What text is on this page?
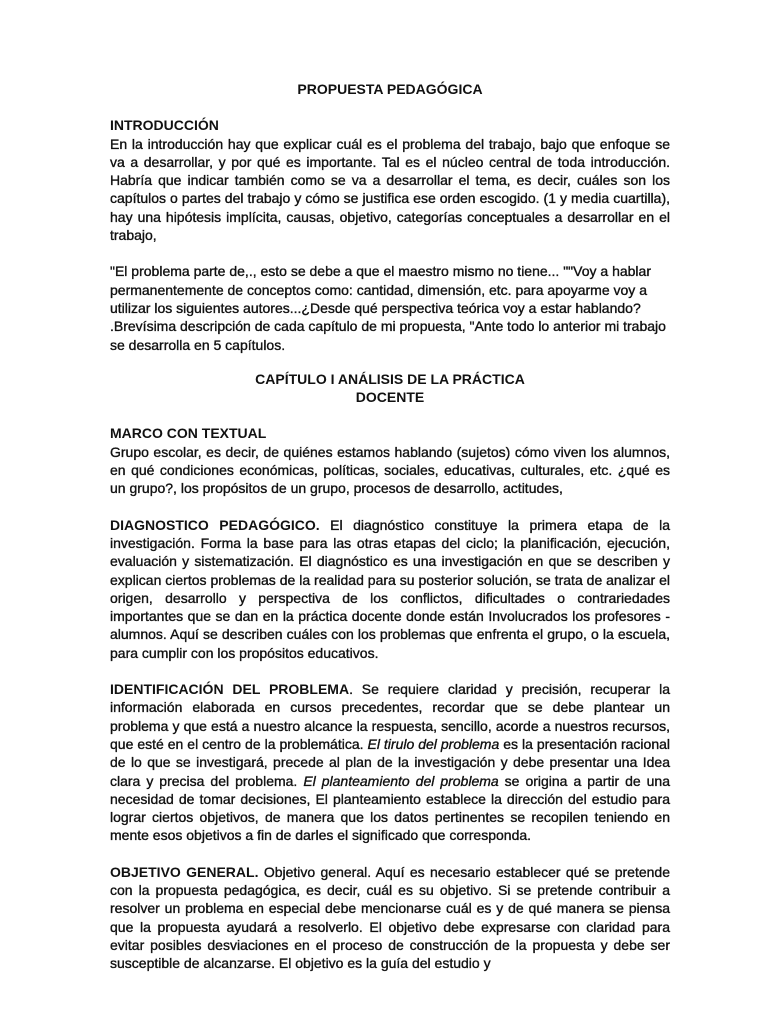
PROPUESTA PEDAGÓGICA

INTRODUCCIÓN

En la introducción hay que explicar cuál es el problema del trabajo, bajo que enfoque se va a desarrollar, y por qué es importante. Tal es el núcleo central de toda introducción. Habría que indicar también como se va a desarrollar el tema, es decir, cuáles son los capítulos o partes del trabajo y cómo se justifica ese orden escogido. (1 y media cuartilla), hay una hipótesis implícita, causas, objetivo, categorías conceptuales a desarrollar en el trabajo,

"El problema parte de,., esto se debe a que el maestro mismo no tiene... ""Voy a hablar permanentemente de conceptos como: cantidad, dimensión, etc. para apoyarme voy a utilizar los siguientes autores...¿Desde qué perspectiva teórica voy a estar hablando? .Brevísima descripción de cada capítulo de mi propuesta, "Ante todo lo anterior mi trabajo se desarrolla en 5 capítulos.

CAPÍTULO I ANÁLISIS DE LA PRÁCTICA

DOCENTE

MARCO CON TEXTUAL

Grupo escolar, es decir, de quiénes estamos hablando (sujetos) cómo viven los alumnos, en qué condiciones económicas, políticas, sociales, educativas, culturales, etc. ¿qué es un grupo?, los propósitos de un grupo, procesos de desarrollo, actitudes,

DIAGNOSTICO PEDAGÓGICO. El diagnóstico constituye la primera etapa de la investigación. Forma la base para las otras etapas del ciclo; la planificación, ejecución, evaluación y sistematización. El diagnóstico es una investigación en que se describen y explican ciertos problemas de la realidad para su posterior solución, se trata de analizar el origen, desarrollo y perspectiva de los conflictos, dificultades o contrariedades importantes que se dan en la práctica docente donde están Involucrados los profesores - alumnos. Aquí se describen cuáles con los problemas que enfrenta el grupo, o la escuela, para cumplir con los propósitos educativos.

IDENTIFICACIÓN DEL PROBLEMA. Se requiere claridad y precisión, recuperar la información elaborada en cursos precedentes, recordar que se debe plantear un problema y que está a nuestro alcance la respuesta, sencillo, acorde a nuestros recursos, que esté en el centro de la problemática. El tirulo del problema es la presentación racional de lo que se investigará, precede al plan de la investigación y debe presentar una Idea clara y precisa del problema. El planteamiento del problema se origina a partir de una necesidad de tomar decisiones, El planteamiento establece la dirección del estudio para lograr ciertos objetivos, de manera que los datos pertinentes se recopilen teniendo en mente esos objetivos a fin de darles el significado que corresponda.

OBJETIVO GENERAL. Objetivo general. Aquí es necesario establecer qué se pretende con la propuesta pedagógica, es decir, cuál es su objetivo. Si se pretende contribuir a resolver un problema en especial debe mencionarse cuál es y de qué manera se piensa que la propuesta ayudará a resolverlo. El objetivo debe expresarse con claridad para evitar posibles desviaciones en el proceso de construcción de la propuesta y debe ser susceptible de alcanzarse. El objetivo es la guía del estudio y
